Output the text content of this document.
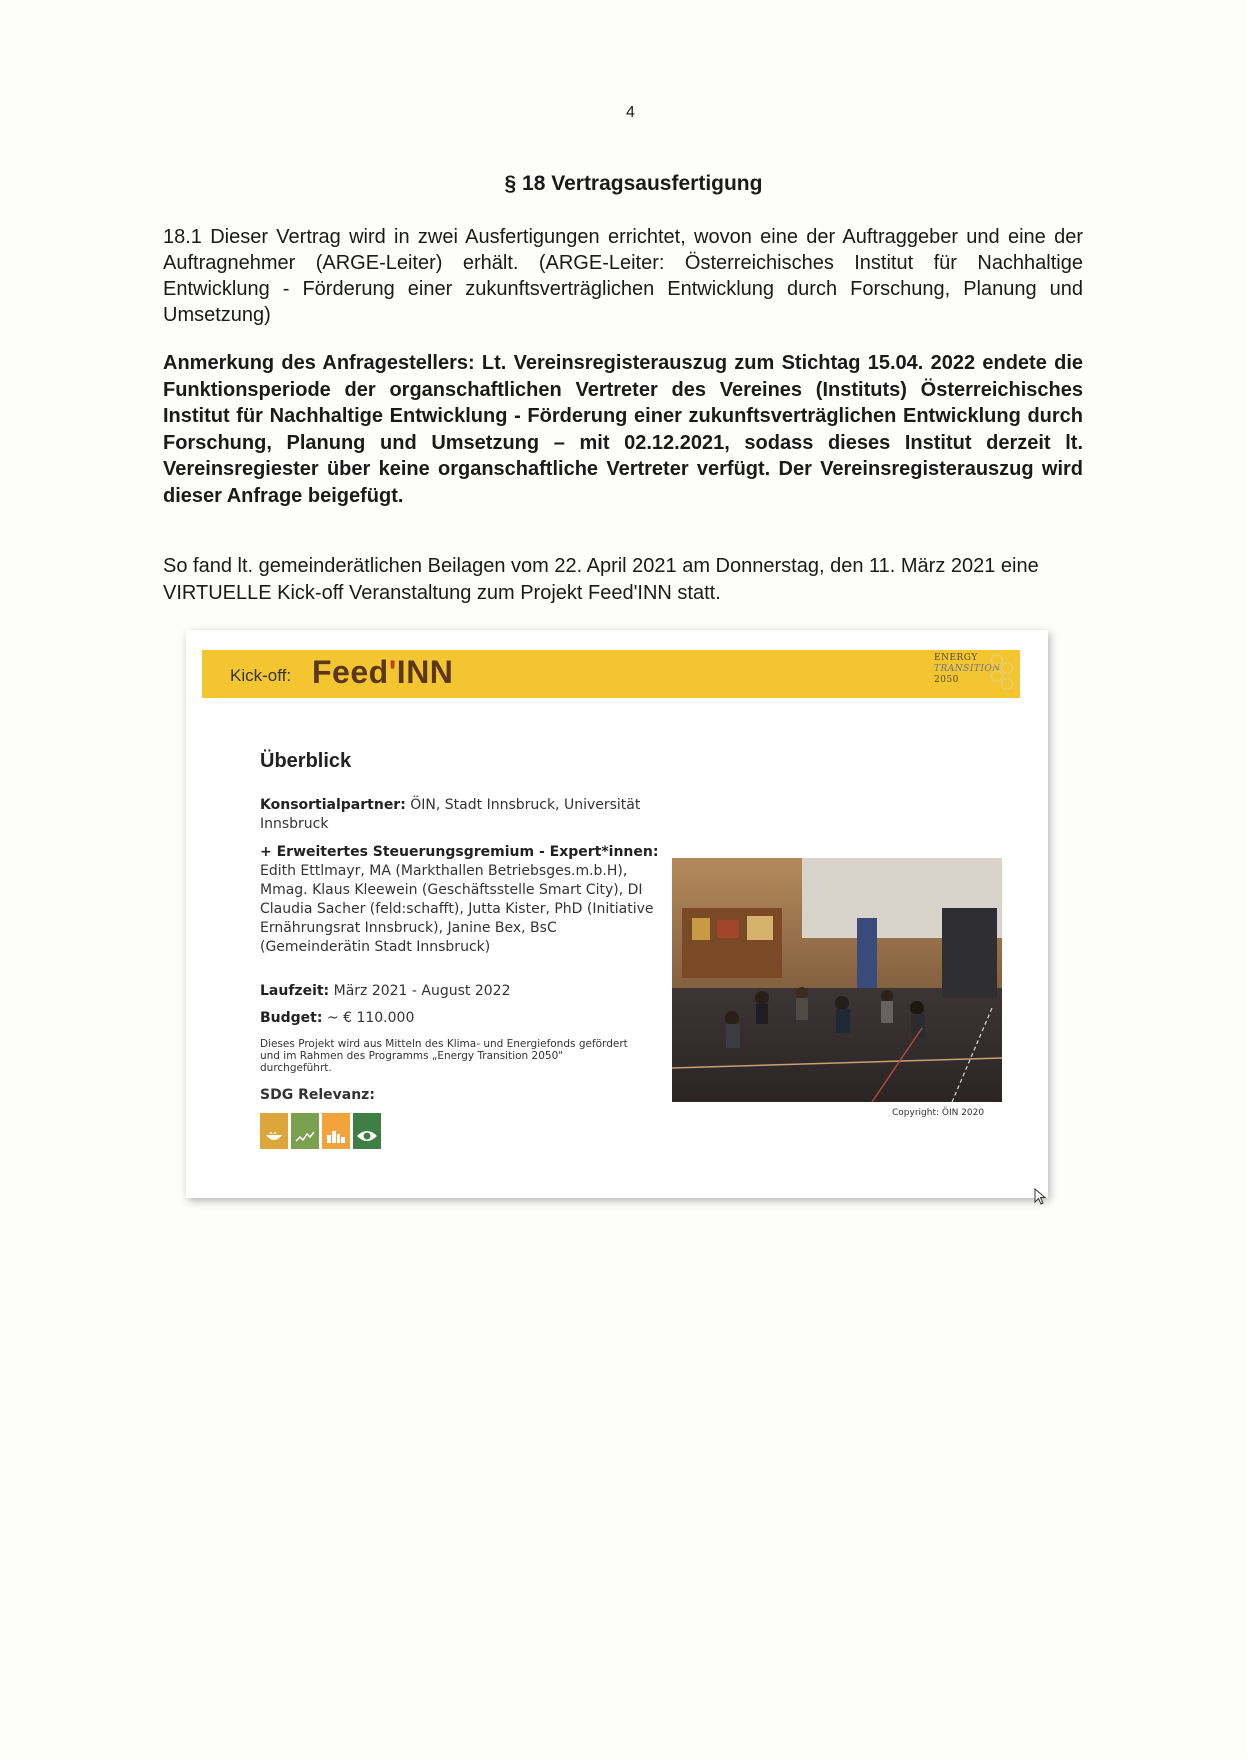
4
§ 18 Vertragsausfertigung
18.1 Dieser Vertrag wird in zwei Ausfertigungen errichtet, wovon eine der Auftraggeber und eine der Auftragnehmer (ARGE-Leiter) erhält. (ARGE-Leiter: Österreichisches Institut für Nachhaltige Entwicklung - Förderung einer zukunftsverträglichen Entwicklung durch Forschung, Planung und Umsetzung)
Anmerkung des Anfragestellers: Lt. Vereinsregisterauszug zum Stichtag 15.04. 2022 endete die Funktionsperiode der organschaftlichen Vertreter des Vereines (Instituts) Österreichisches Institut für Nachhaltige Entwicklung - Förderung einer zukunftsverträglichen Entwicklung durch Forschung, Planung und Umsetzung – mit 02.12.2021, sodass dieses Institut derzeit lt. Vereinsregiester über keine organschaftliche Vertreter verfügt. Der Vereinsregisterauszug wird dieser Anfrage beigefügt.
So fand lt. gemeinderätlichen Beilagen vom 22. April 2021 am Donnerstag, den 11. März 2021 eine VIRTUELLE Kick-off Veranstaltung zum Projekt Feed'INN statt.
Kick-off: Feed'INN	ENERGY
TRANSITION
2050
Überblick
Konsortialpartner: ÖIN, Stadt Innsbruck, Universität Innsbruck
+ Erweitertes Steuerungsgremium - Expert*innen: Edith Ettlmayr, MA (Markthallen Betriebsges.m.b.H), Mmag. Klaus Kleewein (Geschäftsstelle Smart City), DI Claudia Sacher (feld:schafft), Jutta Kister, PhD (Initiative Ernährungsrat Innsbruck), Janine Bex, BsC (Gemeinderätin Stadt Innsbruck)
Laufzeit: März 2021 - August 2022
Budget: ~ € 110.000
Dieses Projekt wird aus Mitteln des Klima- und Energiefonds gefördert und im Rahmen des Programms „Energy Transition 2050" durchgeführt.
SDG Relevanz:
Copyright: ÖIN 2020
